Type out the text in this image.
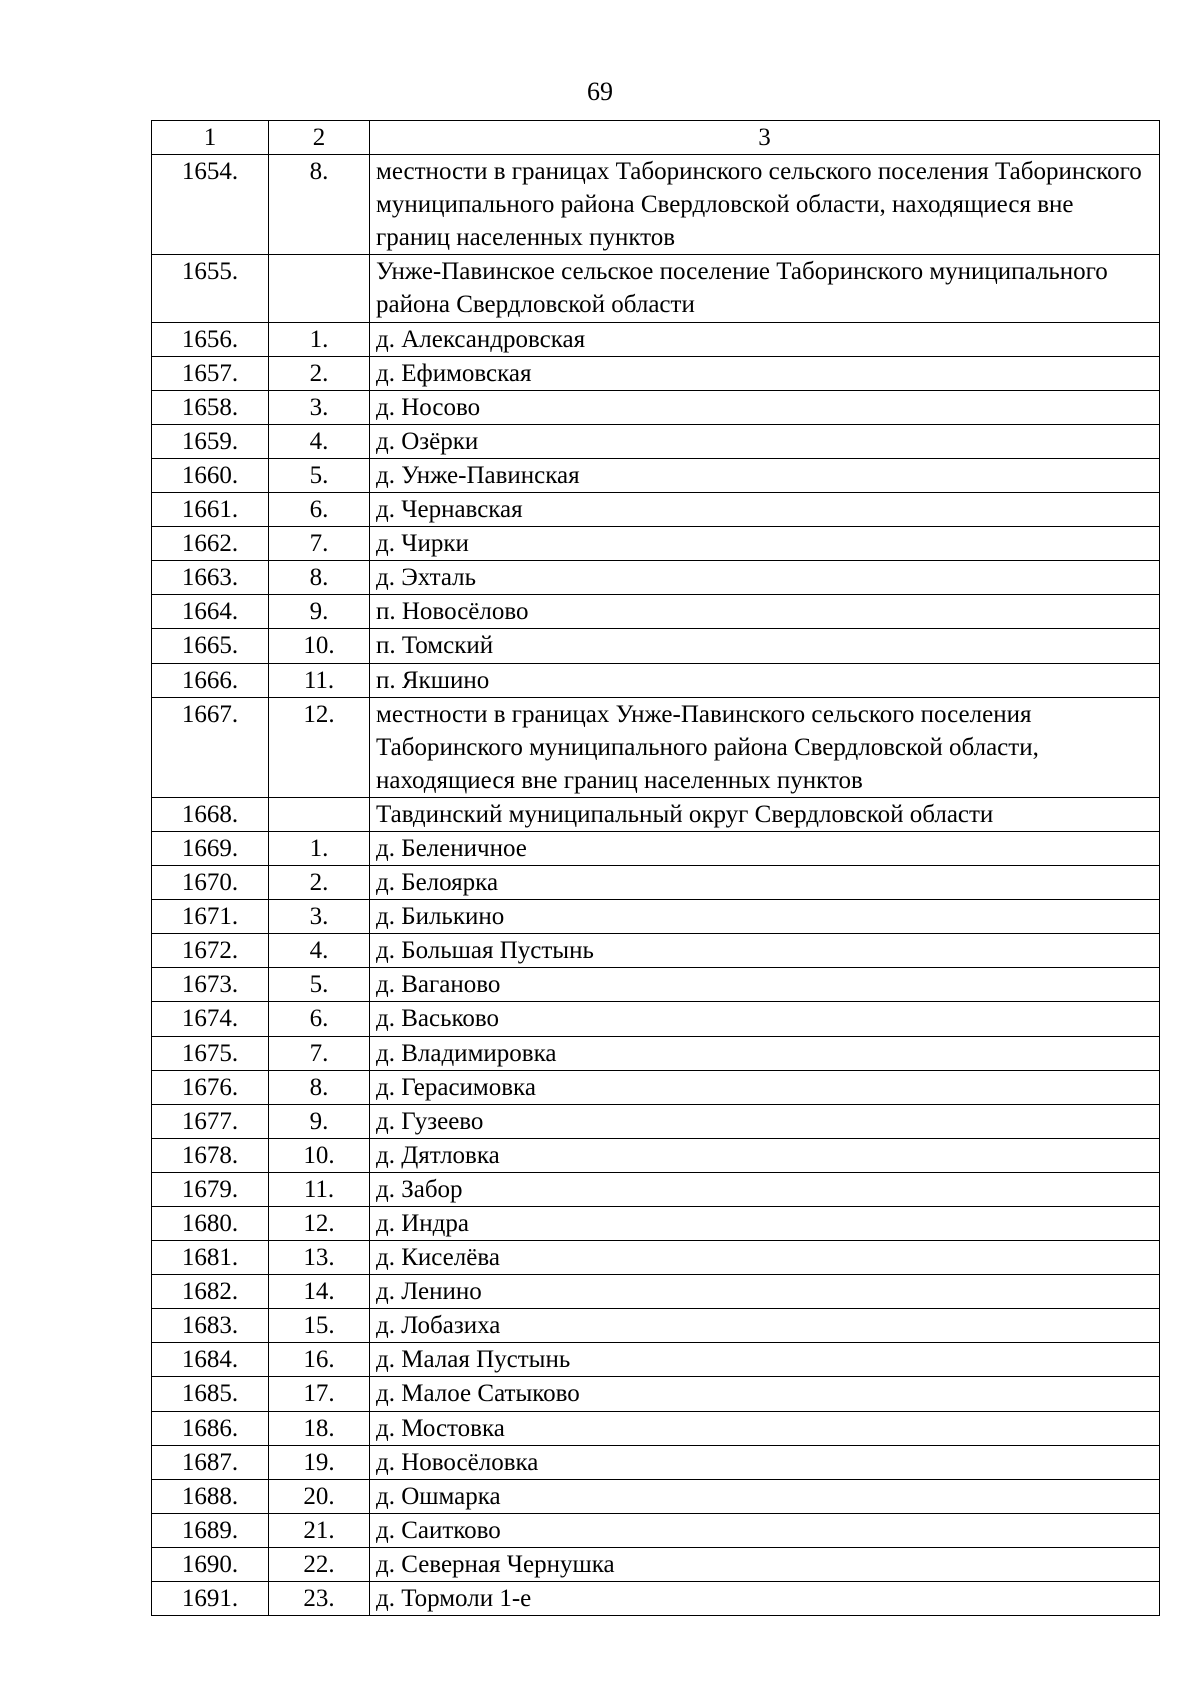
69
1	2	3
1654.	8.	местности в границах Таборинского сельского поселения Таборинского муниципального района Свердловской области, находящиеся вне границ населенных пунктов
1655.		Унже-Павинское сельское поселение Таборинского муниципального района Свердловской области
1656.	1.	д. Александровская
1657.	2.	д. Ефимовская
1658.	3.	д. Носово
1659.	4.	д. Озёрки
1660.	5.	д. Унже-Павинская
1661.	6.	д. Чернавская
1662.	7.	д. Чирки
1663.	8.	д. Эхталь
1664.	9.	п. Новосёлово
1665.	10.	п. Томский
1666.	11.	п. Якшино
1667.	12.	местности в границах Унже-Павинского сельского поселения Таборинского муниципального района Свердловской области, находящиеся вне границ населенных пунктов
1668.		Тавдинский муниципальный округ Свердловской области
1669.	1.	д. Беленичное
1670.	2.	д. Белоярка
1671.	3.	д. Билькино
1672.	4.	д. Большая Пустынь
1673.	5.	д. Ваганово
1674.	6.	д. Васьково
1675.	7.	д. Владимировка
1676.	8.	д. Герасимовка
1677.	9.	д. Гузеево
1678.	10.	д. Дятловка
1679.	11.	д. Забор
1680.	12.	д. Индра
1681.	13.	д. Киселёва
1682.	14.	д. Ленино
1683.	15.	д. Лобазиха
1684.	16.	д. Малая Пустынь
1685.	17.	д. Малое Сатыково
1686.	18.	д. Мостовка
1687.	19.	д. Новосёловка
1688.	20.	д. Ошмарка
1689.	21.	д. Саитково
1690.	22.	д. Северная Чернушка
1691.	23.	д. Тормоли 1-е
